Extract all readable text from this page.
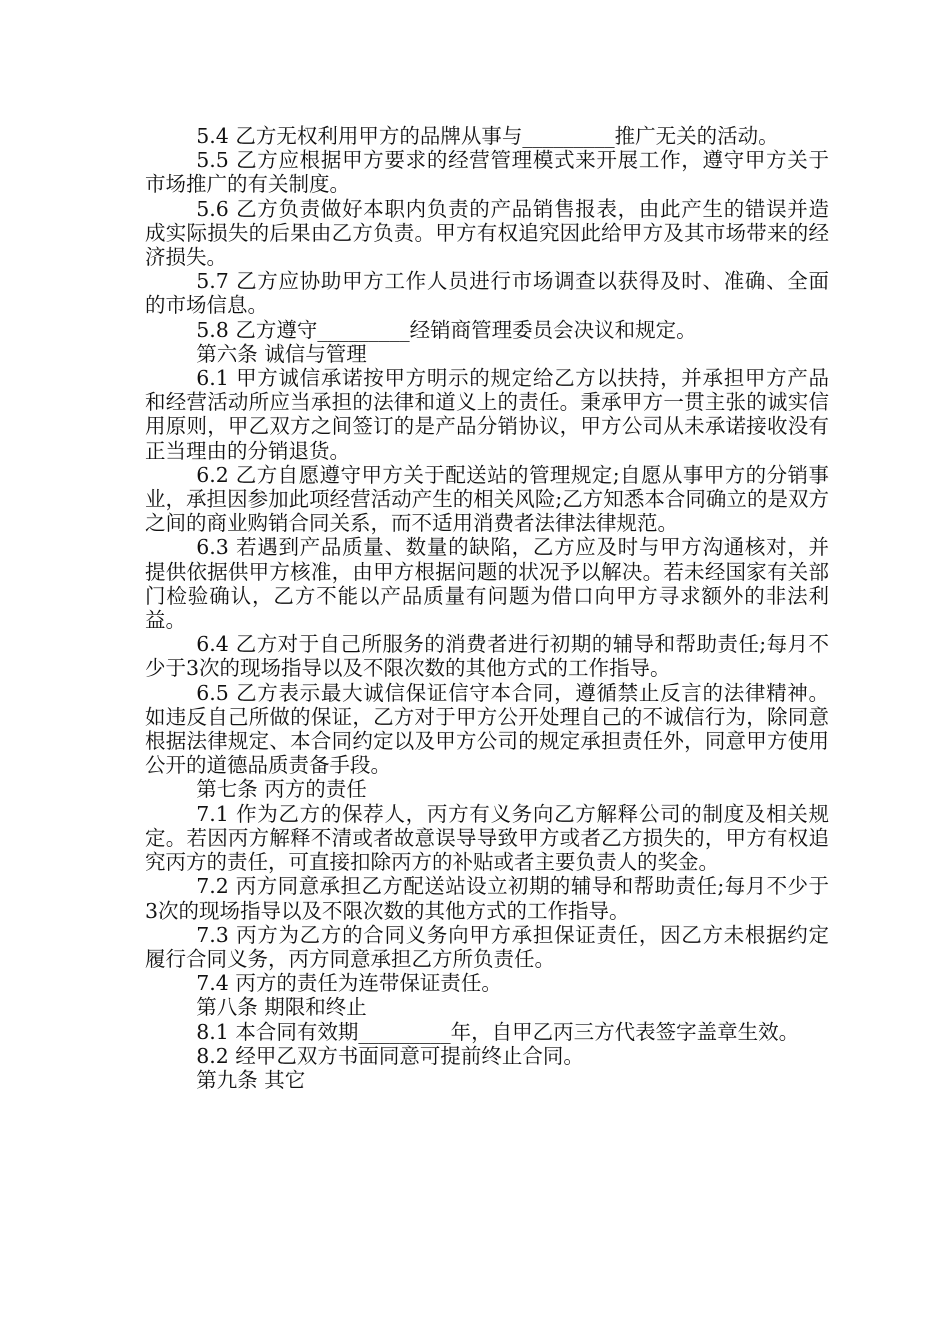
5.4 乙方无权利用甲方的品牌从事与_________推广无关的活动。

5.5 乙方应根据甲方要求的经营管理模式来开展工作，遵守甲方关于市场推广的有关制度。

5.6 乙方负责做好本职内负责的产品销售报表，由此产生的错误并造成实际损失的后果由乙方负责。甲方有权追究因此给甲方及其市场带来的经济损失。

5.7 乙方应协助甲方工作人员进行市场调查以获得及时、准确、全面的市场信息。

5.8 乙方遵守_________经销商管理委员会决议和规定。

第六条 诚信与管理

6.1 甲方诚信承诺按甲方明示的规定给乙方以扶持，并承担甲方产品和经营活动所应当承担的法律和道义上的责任。秉承甲方一贯主张的诚实信用原则，甲乙双方之间签订的是产品分销协议，甲方公司从未承诺接收没有正当理由的分销退货。

6.2 乙方自愿遵守甲方关于配送站的管理规定;自愿从事甲方的分销事业，承担因参加此项经营活动产生的相关风险;乙方知悉本合同确立的是双方之间的商业购销合同关系，而不适用消费者法律法律规范。

6.3 若遇到产品质量、数量的缺陷，乙方应及时与甲方沟通核对，并提供依据供甲方核准，由甲方根据问题的状况予以解决。若未经国家有关部门检验确认，乙方不能以产品质量有问题为借口向甲方寻求额外的非法利益。

6.4 乙方对于自己所服务的消费者进行初期的辅导和帮助责任;每月不少于3次的现场指导以及不限次数的其他方式的工作指导。

6.5 乙方表示最大诚信保证信守本合同，遵循禁止反言的法律精神。如违反自己所做的保证，乙方对于甲方公开处理自己的不诚信行为，除同意根据法律规定、本合同约定以及甲方公司的规定承担责任外，同意甲方使用公开的道德品质责备手段。

第七条 丙方的责任

7.1 作为乙方的保荐人，丙方有义务向乙方解释公司的制度及相关规定。若因丙方解释不清或者故意误导导致甲方或者乙方损失的，甲方有权追究丙方的责任，可直接扣除丙方的补贴或者主要负责人的奖金。

7.2 丙方同意承担乙方配送站设立初期的辅导和帮助责任;每月不少于3次的现场指导以及不限次数的其他方式的工作指导。

7.3 丙方为乙方的合同义务向甲方承担保证责任，因乙方未根据约定履行合同义务，丙方同意承担乙方所负责任。

7.4 丙方的责任为连带保证责任。

第八条 期限和终止

8.1 本合同有效期_________年，自甲乙丙三方代表签字盖章生效。

8.2 经甲乙双方书面同意可提前终止合同。

第九条 其它
